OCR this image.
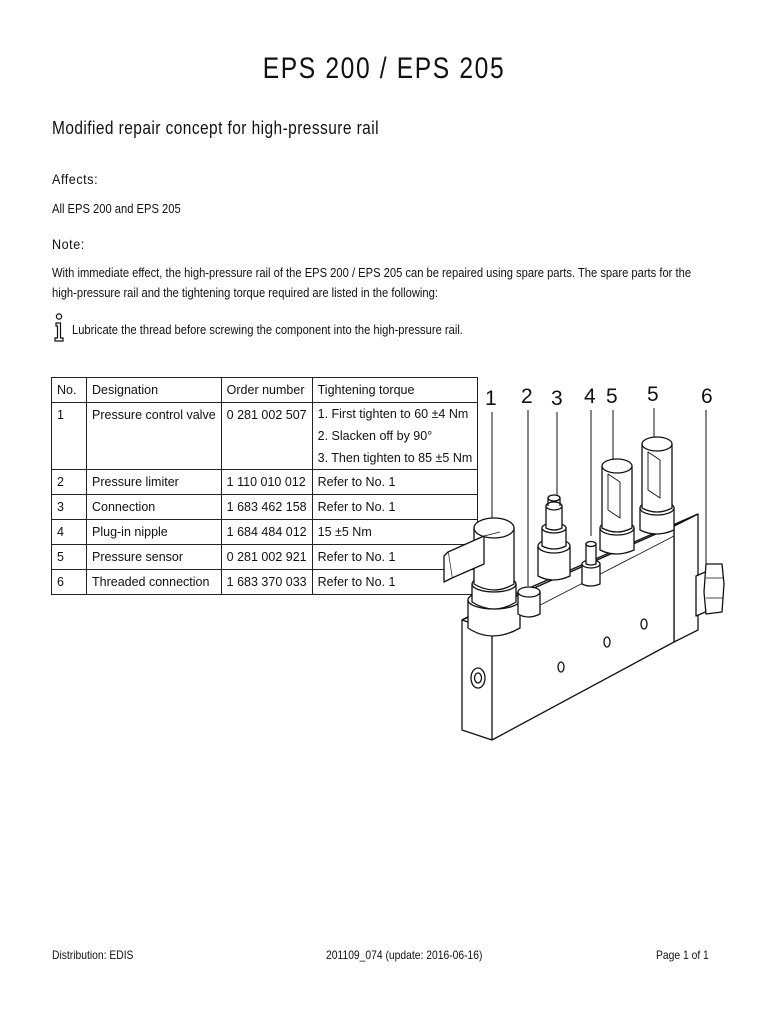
EPS 200 / EPS 205
Modified repair concept for high-pressure rail
Affects:
All EPS 200 and EPS 205
Note:
With immediate effect, the high-pressure rail of the EPS 200 / EPS 205 can be repaired using spare parts. The spare parts for the high-pressure rail and the tightening torque required are listed in the following:
Lubricate the thread before screwing the component into the high-pressure rail.
No.	Designation	Order number	Tightening torque
1	Pressure control valve	0 281 002 507	1. First tighten to 60 ±4 Nm
2. Slacken off by 90°
3. Then tighten to 85 ±5 Nm

2	Pressure limiter	1 110 010 012	Refer to No. 1
3	Connection	1 683 462 158	Refer to No. 1
4	Plug-in nipple	1 684 484 012	15 ±5 Nm
5	Pressure sensor	0 281 002 921	Refer to No. 1
6	Threaded connection	1 683 370 033	Refer to No. 1
1 2 3 4 5 5 6
Distribution: EDIS	201109_074 (update: 2016-06-16)	Page 1 of 1
